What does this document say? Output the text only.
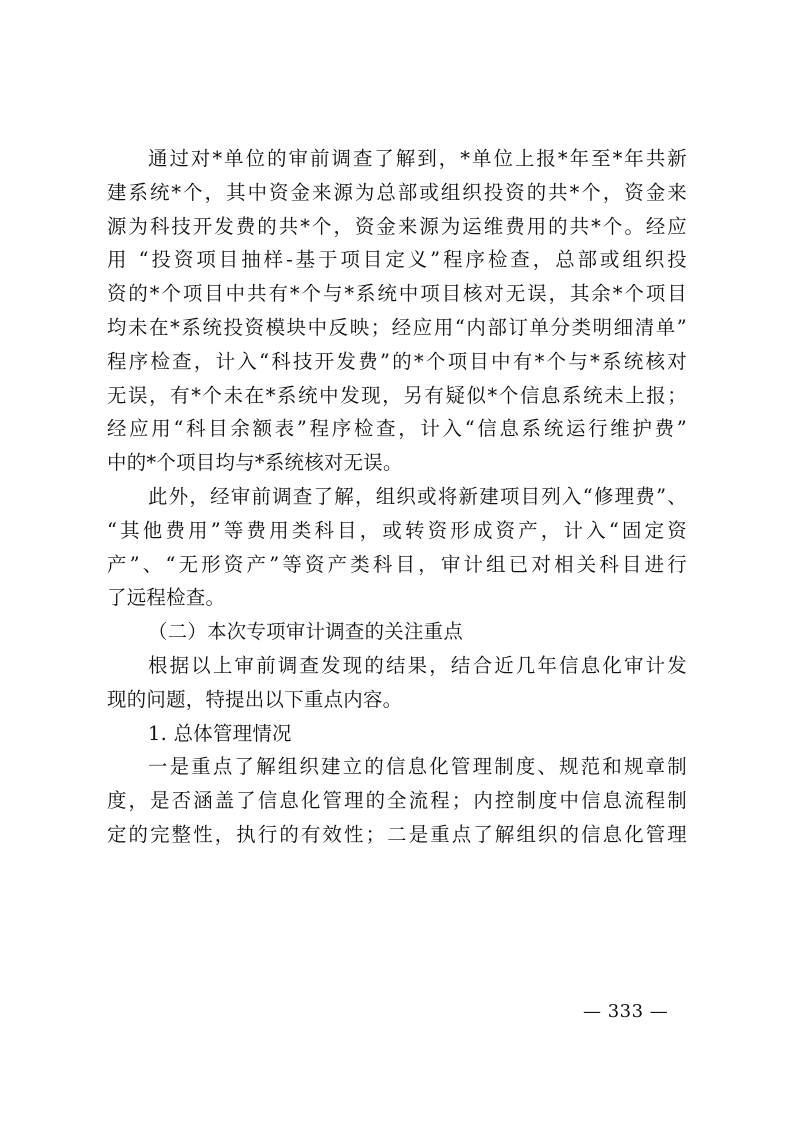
通过对*单位的审前调查了解到，*单位上报*年至*年共新
建系统*个，其中资金来源为总部或组织投资的共*个，资金来
源为科技开发费的共*个，资金来源为运维费用的共*个。经应
用 “投资项目抽样-基于项目定义”程序检查，总部或组织投
资的*个项目中共有*个与*系统中项目核对无误，其余*个项目
均未在*系统投资模块中反映；经应用“内部订单分类明细清单”
程序检查，计入“科技开发费”的*个项目中有*个与*系统核对
无误，有*个未在*系统中发现，另有疑似*个信息系统未上报；
经应用“科目余额表”程序检查，计入“信息系统运行维护费”
中的*个项目均与*系统核对无误。

此外，经审前调查了解，组织或将新建项目列入“修理费”、
“其他费用”等费用类科目，或转资形成资产，计入“固定资
产”、“无形资产”等资产类科目，审计组已对相关科目进行
了远程检查。

（二）本次专项审计调查的关注重点

根据以上审前调查发现的结果，结合近几年信息化审计发
现的问题，特提出以下重点内容。

1. 总体管理情况

一是重点了解组织建立的信息化管理制度、规范和规章制
度，是否涵盖了信息化管理的全流程；内控制度中信息流程制
定的完整性，执行的有效性；二是重点了解组织的信息化管理

— 333 —
